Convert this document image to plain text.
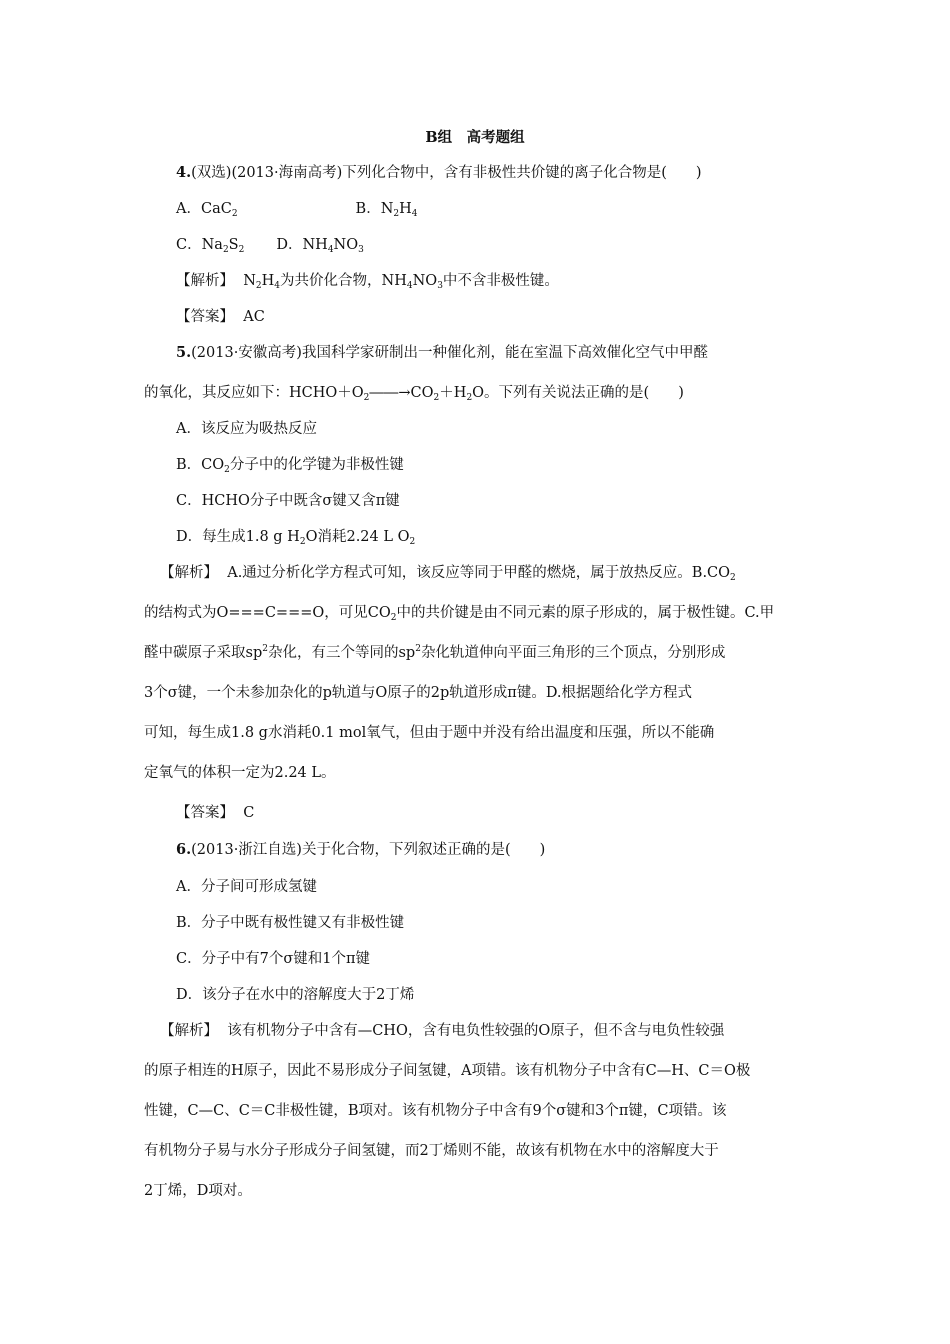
B组　高考题组
4.(双选)(2013·海南高考)下列化合物中，含有非极性共价键的离子化合物是(　　)
A．CaC$_2$	B．$N_2H_4$
C．$Na_2S_2$ D．$NH_4NO_3$
【解析】 $N_2H_4$为共价化合物，$NH_4NO_3$中不含非极性键。
【答案】 AC
5.(2013·安徽高考)我国科学家研制出一种催化剂，能在室温下高效催化空气中甲醛
的氧化，其反应如下：$HCHO+O_2――\to CO_2+H_2O$。下列有关说法正确的是(　　)
A．该反应为吸热反应
B．$CO_2$分子中的化学键为非极性键
C．HCHO分子中既含σ键又含π键
D．每生成1.8 g $H_2O$消耗2.24 L $O_2$
【解析】 A.通过分析化学方程式可知，该反应等同于甲醛的燃烧，属于放热反应。$B.CO_2$
的结构式为O===C===O，可见$CO_2$中的共价键是由不同元素的原子形成的，属于极性键。C.甲
醛中碳原子采取$sp^2$杂化，有三个等同的$sp^2$杂化轨道伸向平面三角形的三个顶点，分别形成
3个σ键，一个未参加杂化的p轨道与O原子的2p轨道形成π键。D.根据题给化学方程式
可知，每生成1.8 g水消耗0.1 mol氧气，但由于题中并没有给出温度和压强，所以不能确
定氧气的体积一定为2.24 L。
【答案】 C
6.(2013·浙江自选)关于化合物，下列叙述正确的是(　　)
A．分子间可形成氢键
B．分子中既有极性键又有非极性键
C．分子中有7个σ键和1个π键
D．该分子在水中的溶解度大于2丁烯
【解析】 该有机物分子中含有—CHO，含有电负性较强的O原子，但不含与电负性较强
的原子相连的H原子，因此不易形成分子间氢键，A项错。该有机物分子中含有C—H、C＝O极
性键，C—C、C＝C非极性键，B项对。该有机物分子中含有9个σ键和3个π键，C项错。该
有机物分子易与水分子形成分子间氢键，而2丁烯则不能，故该有机物在水中的溶解度大于
2丁烯，D项对。
